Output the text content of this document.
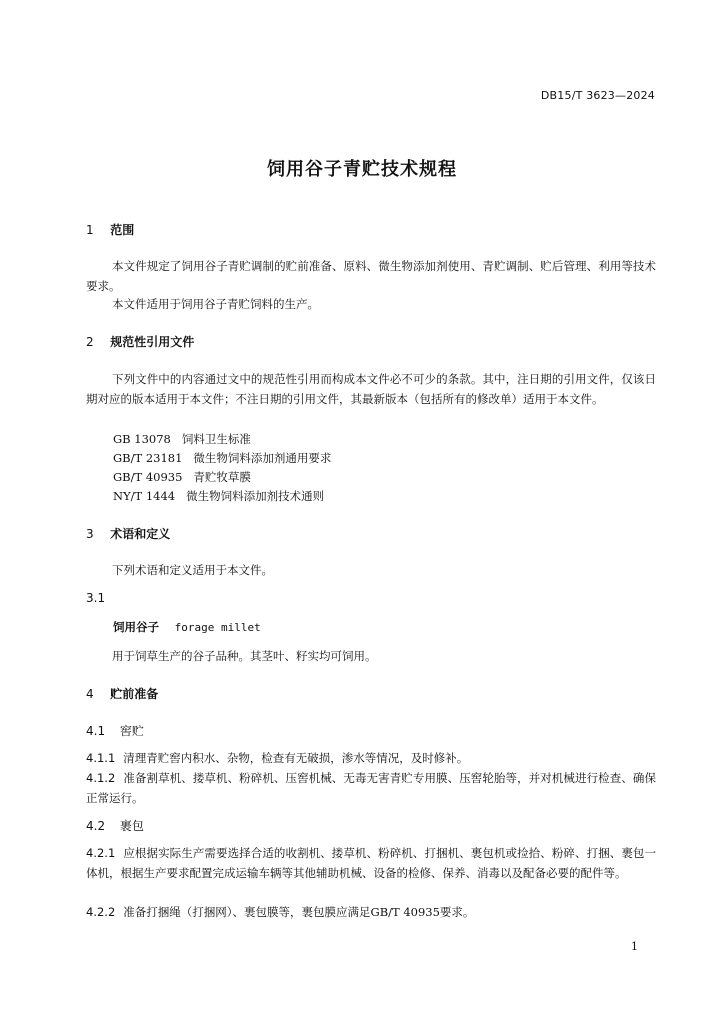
DB15/T 3623—2024
饲用谷子青贮技术规程
1 范围
本文件规定了饲用谷子青贮调制的贮前准备、原料、微生物添加剂使用、青贮调制、贮后管理、利用等技术要求。
本文件适用于饲用谷子青贮饲料的生产。
2 规范性引用文件
下列文件中的内容通过文中的规范性引用而构成本文件必不可少的条款。其中，注日期的引用文件，仅该日期对应的版本适用于本文件；不注日期的引用文件，其最新版本（包括所有的修改单）适用于本文件。
GB 13078 饲料卫生标准
GB/T 23181 微生物饲料添加剂通用要求
GB/T 40935 青贮牧草膜
NY/T 1444 微生物饲料添加剂技术通则
3 术语和定义
下列术语和定义适用于本文件。
3.1
饲用谷子 forage millet
用于饲草生产的谷子品种。其茎叶、籽实均可饲用。
4 贮前准备
4.1 窖贮
4.1.1 清理青贮窖内积水、杂物，检查有无破损，渗水等情况，及时修补。
4.1.2 准备割草机、搂草机、粉碎机、压窖机械、无毒无害青贮专用膜、压窖轮胎等，并对机械进行检查、确保正常运行。
4.2 裹包
4.2.1 应根据实际生产需要选择合适的收割机、搂草机、粉碎机、打捆机、裹包机或捡拾、粉碎、打捆、裹包一体机，根据生产要求配置完成运输车辆等其他辅助机械、设备的检修、保养、消毒以及配备必要的配件等。
4.2.2 准备打捆绳（打捆网）、裹包膜等，裹包膜应满足GB/T 40935要求。
1
